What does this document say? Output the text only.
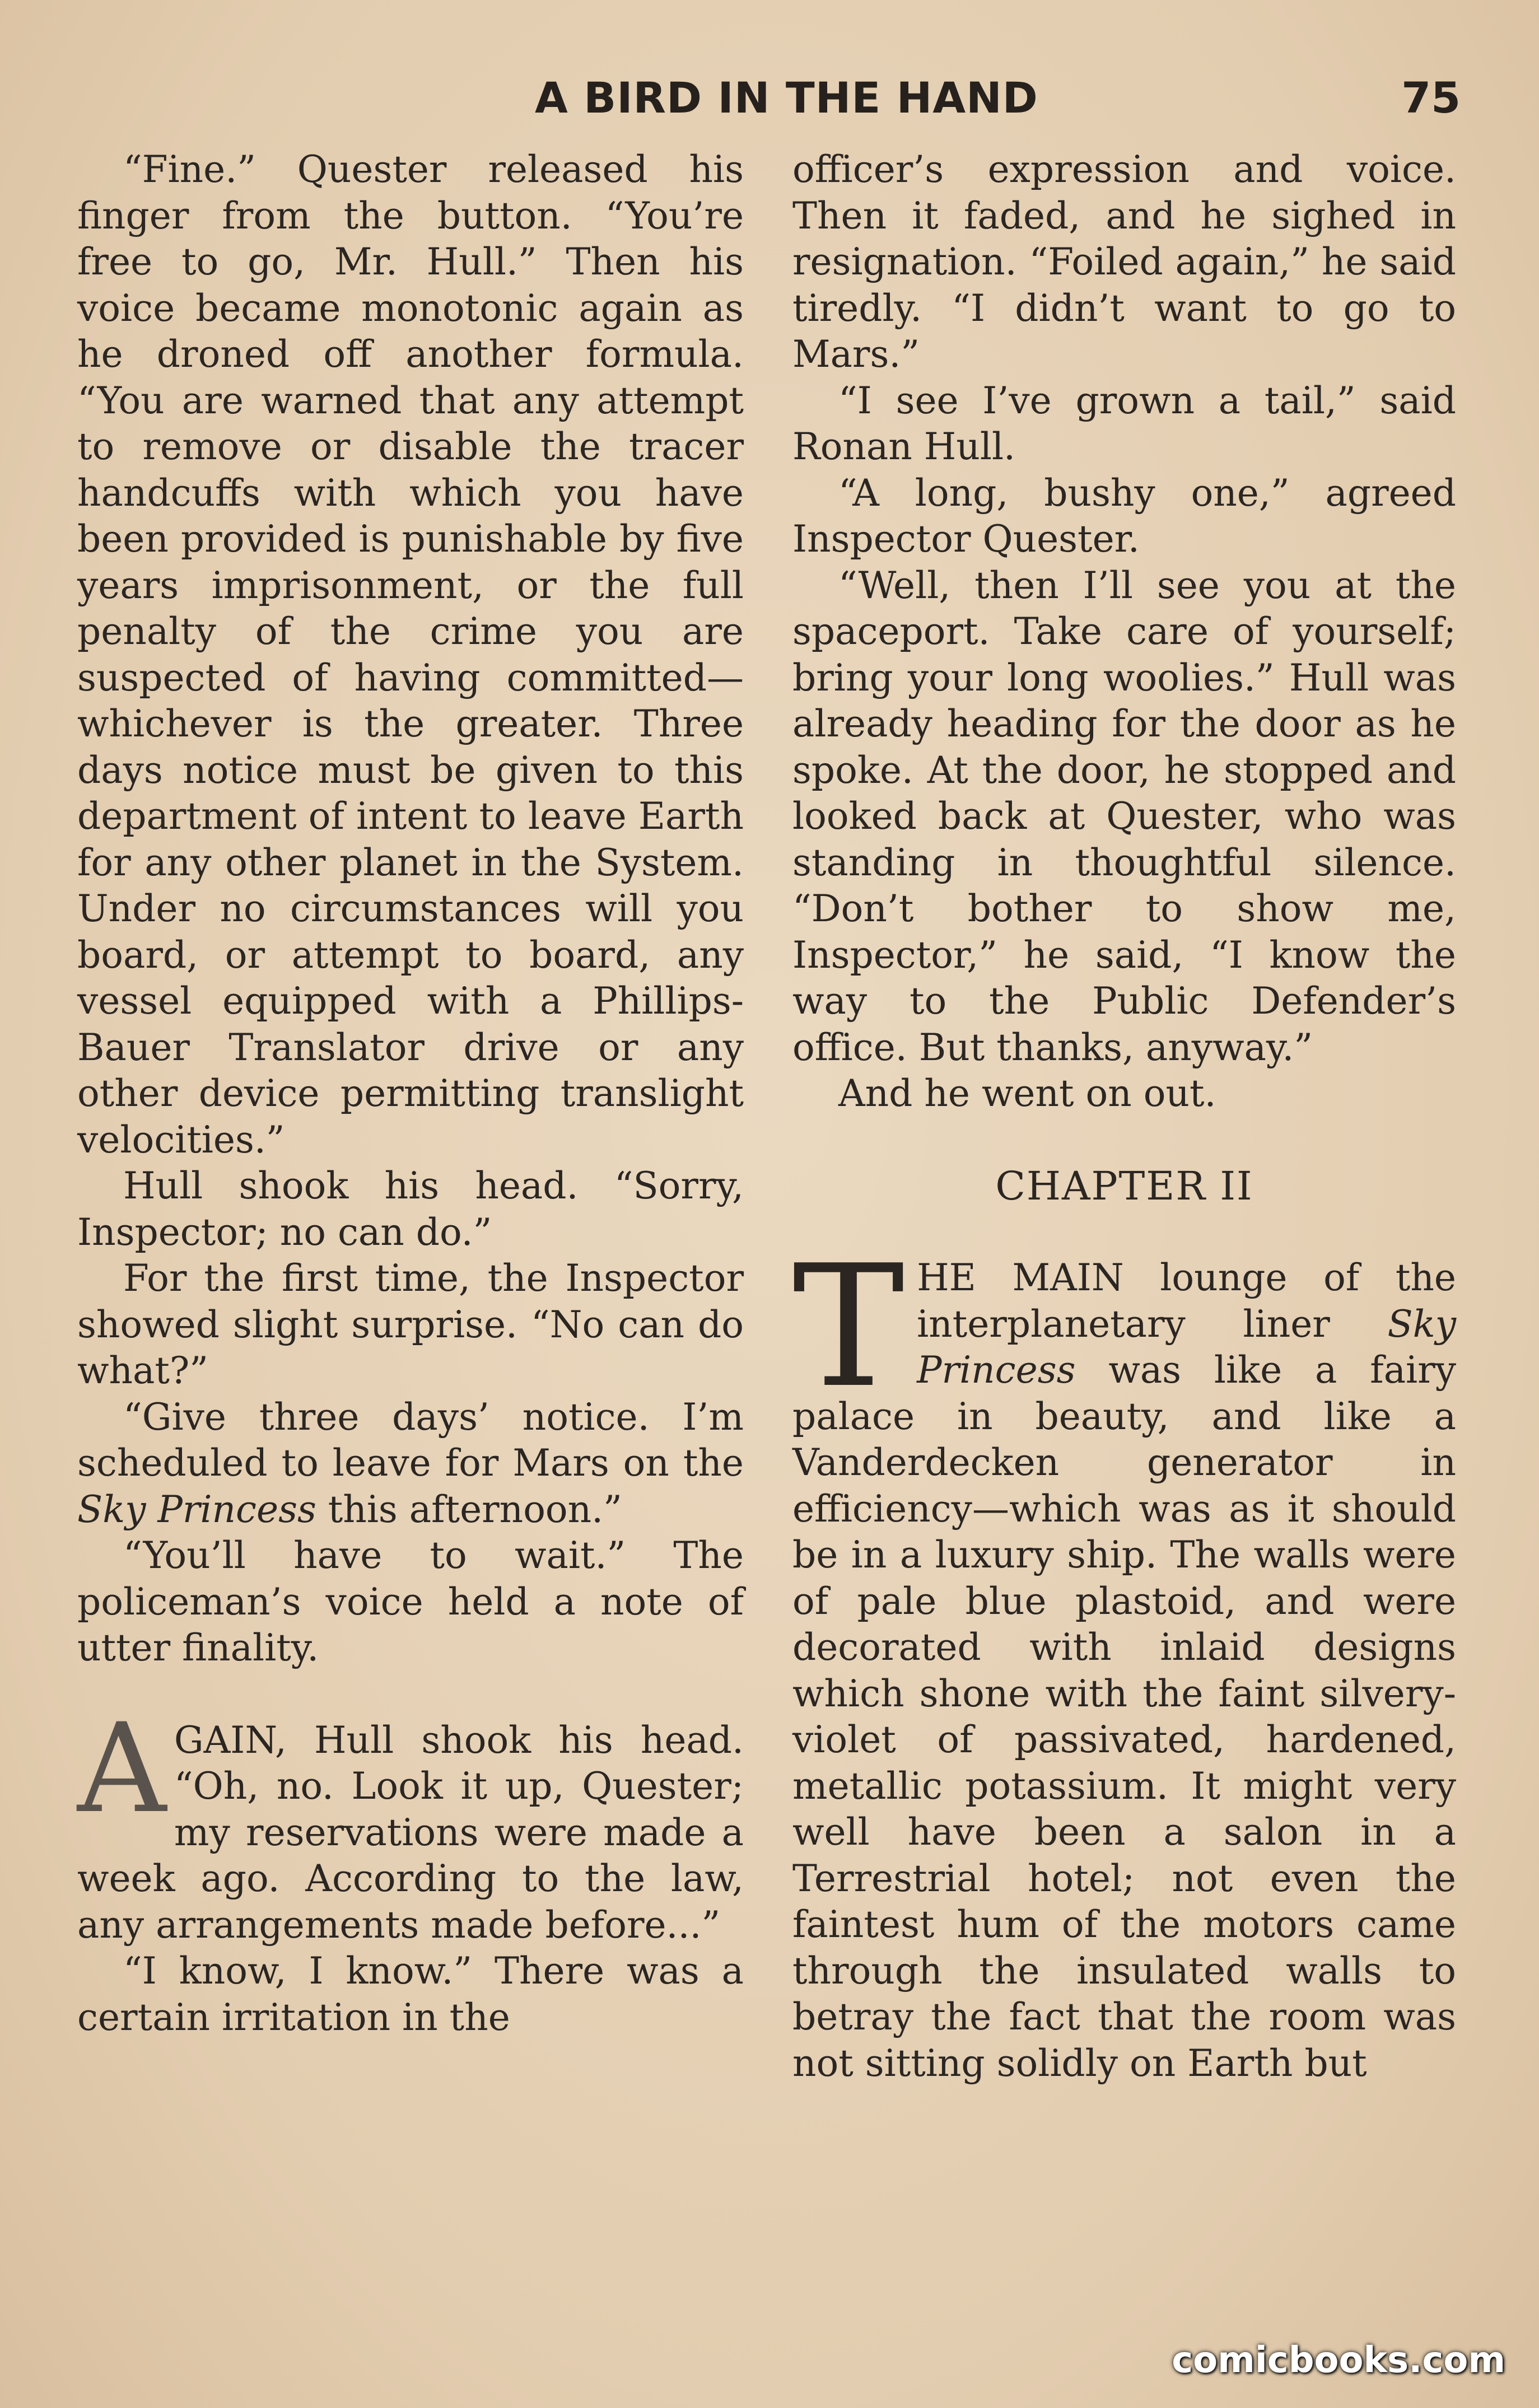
A BIRD IN THE HAND	75

“Fine.” Quester released his finger from the button. “You’re free to go, Mr. Hull.” Then his voice became monotonic again as he droned off another formula. “You are warned that any attempt to remove or disable the tracer handcuffs with which you have been provided is punishable by five years imprisonment, or the full penalty of the crime you are suspected of having committed—whichever is the greater. Three days notice must be given to this department of intent to leave Earth for any other planet in the System. Under no circumstances will you board, or attempt to board, any vessel equipped with a Phillips-Bauer Translator drive or any other device permitting translight velocities.”

Hull shook his head. “Sorry, Inspector; no can do.”

For the first time, the Inspector showed slight surprise. “No can do what?”

“Give three days’ notice. I’m scheduled to leave for Mars on the Sky Princess this afternoon.”

“You’ll have to wait.” The policeman’s voice held a note of utter finality.

AGAIN, Hull shook his head. “Oh, no. Look it up, Quester; my reservations were made a week ago. According to the law, any arrangements made before...”

“I know, I know.” There was a certain irritation in the

officer’s expression and voice. Then it faded, and he sighed in resignation. “Foiled again,” he said tiredly. “I didn’t want to go to Mars.”

“I see I’ve grown a tail,” said Ronan Hull.

“A long, bushy one,” agreed Inspector Quester.

“Well, then I’ll see you at the spaceport. Take care of yourself; bring your long woolies.” Hull was already heading for the door as he spoke. At the door, he stopped and looked back at Quester, who was standing in thoughtful silence. “Don’t bother to show me, Inspector,” he said, “I know the way to the Public Defender’s office. But thanks, anyway.”

And he went on out.

CHAPTER II

THE MAIN lounge of the interplanetary liner Sky Princess was like a fairy palace in beauty, and like a Vanderdecken generator in efficiency—which was as it should be in a luxury ship. The walls were of pale blue plastoid, and were decorated with inlaid designs which shone with the faint silvery-violet of passivated, hardened, metallic potassium. It might very well have been a salon in a Terrestrial hotel; not even the faintest hum of the motors came through the insulated walls to betray the fact that the room was not sitting solidly on Earth but

comicbooks.com
